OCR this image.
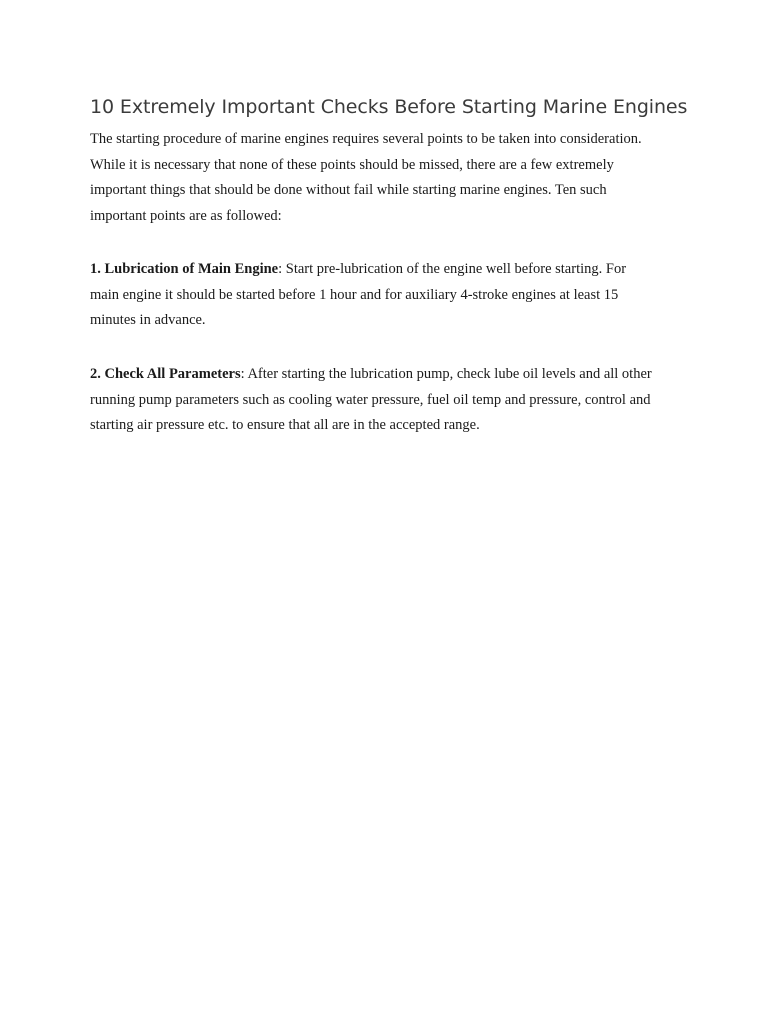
10 Extremely Important Checks Before Starting Marine Engines
The starting procedure of marine engines requires several points to be taken into consideration.
While it is necessary that none of these points should be missed, there are a few extremely
important things that should be done without fail while starting marine engines. Ten such
important points are as followed:
1. Lubrication of Main Engine: Start pre-lubrication of the engine well before starting. For
main engine it should be started before 1 hour and for auxiliary 4-stroke engines at least 15
minutes in advance.
2. Check All Parameters: After starting the lubrication pump, check lube oil levels and all other
running pump parameters such as cooling water pressure, fuel oil temp and pressure, control and
starting air pressure etc. to ensure that all are in the accepted range.
